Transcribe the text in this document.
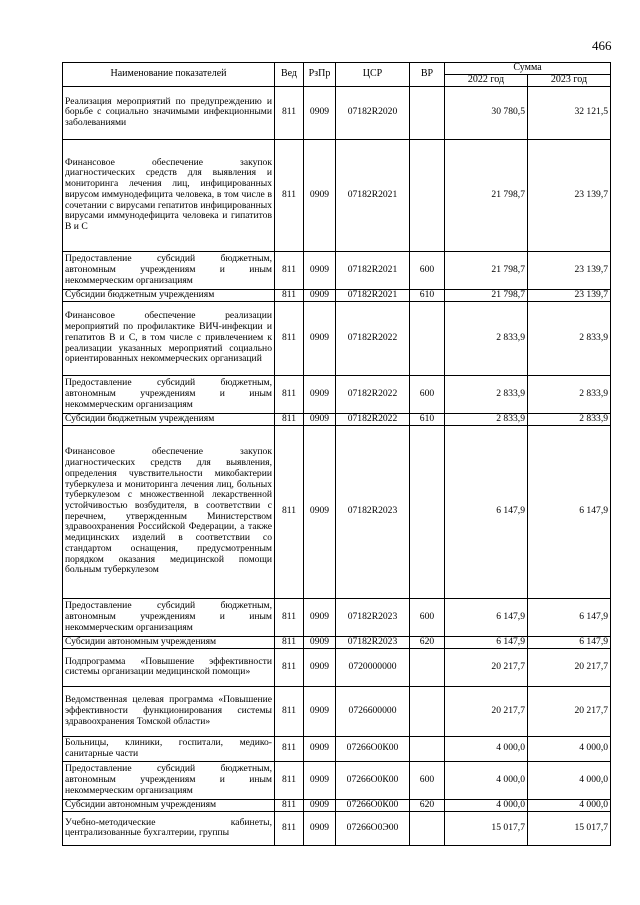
466
Наименование показателей	Вед	РзПр	ЦСР	ВР	Сумма	
					2022 год	2023 год
Реализация мероприятий по предупреждению и борьбе с социально значимыми инфекционными заболеваниями	811	0909	07182R2020		30 780,5	32 121,5
Финансовое обеспечение закупок диагностических средств для выявления и мониторинга лечения лиц, инфицированных вирусом иммунодефицита человека, в том числе в сочетании с вирусами гепатитов инфицированных вирусами иммунодефицита человека и гипатитов В и С	811	0909	07182R2021		21 798,7	23 139,7
Предоставление субсидий бюджетным, автономным учреждениям и иным некоммерческим организациям	811	0909	07182R2021	600	21 798,7	23 139,7
Субсидии бюджетным учреждениям	811	0909	07182R2021	610	21 798,7	23 139,7
Финансовое обеспечение реализации мероприятий по профилактике ВИЧ-инфекции и гепатитов В и С, в том числе с привлечением к реализации указанных мероприятий социально ориентированных некоммерческих организаций	811	0909	07182R2022		2 833,9	2 833,9
Предоставление субсидий бюджетным, автономным учреждениям и иным некоммерческим организациям	811	0909	07182R2022	600	2 833,9	2 833,9
Субсидии бюджетным учреждениям	811	0909	07182R2022	610	2 833,9	2 833,9
Финансовое обеспечение закупок диагностических средств для выявления, определения чувствительности микобактерии туберкулеза и мониторинга лечения лиц, больных туберкулезом с множественной лекарственной устойчивостью возбудителя, в соответствии с перечнем, утвержденным Министерством здравоохранения Российской Федерации, а также медицинских изделий в соответствии со стандартом оснащения, предусмотренным порядком оказания медицинской помощи больным туберкулезом	811	0909	07182R2023		6 147,9	6 147,9
Предоставление субсидий бюджетным, автономным учреждениям и иным некоммерческим организациям	811	0909	07182R2023	600	6 147,9	6 147,9
Субсидии автономным учреждениям	811	0909	07182R2023	620	6 147,9	6 147,9
Подпрограмма «Повышение эффективности системы организации медицинской помощи»	811	0909	0720000000		20 217,7	20 217,7
Ведомственная целевая программа «Повышение эффективности функционирования системы здравоохранения Томской области»	811	0909	0726600000		20 217,7	20 217,7
Больницы, клиники, госпитали, медико-санитарные части	811	0909	07266О0К00		4 000,0	4 000,0
Предоставление субсидий бюджетным, автономным учреждениям и иным некоммерческим организациям	811	0909	07266О0К00	600	4 000,0	4 000,0
Субсидии автономным учреждениям	811	0909	07266О0К00	620	4 000,0	4 000,0
Учебно-методические кабинеты, централизованные бухгалтерии, группы	811	0909	07266О0Э00		15 017,7	15 017,7
